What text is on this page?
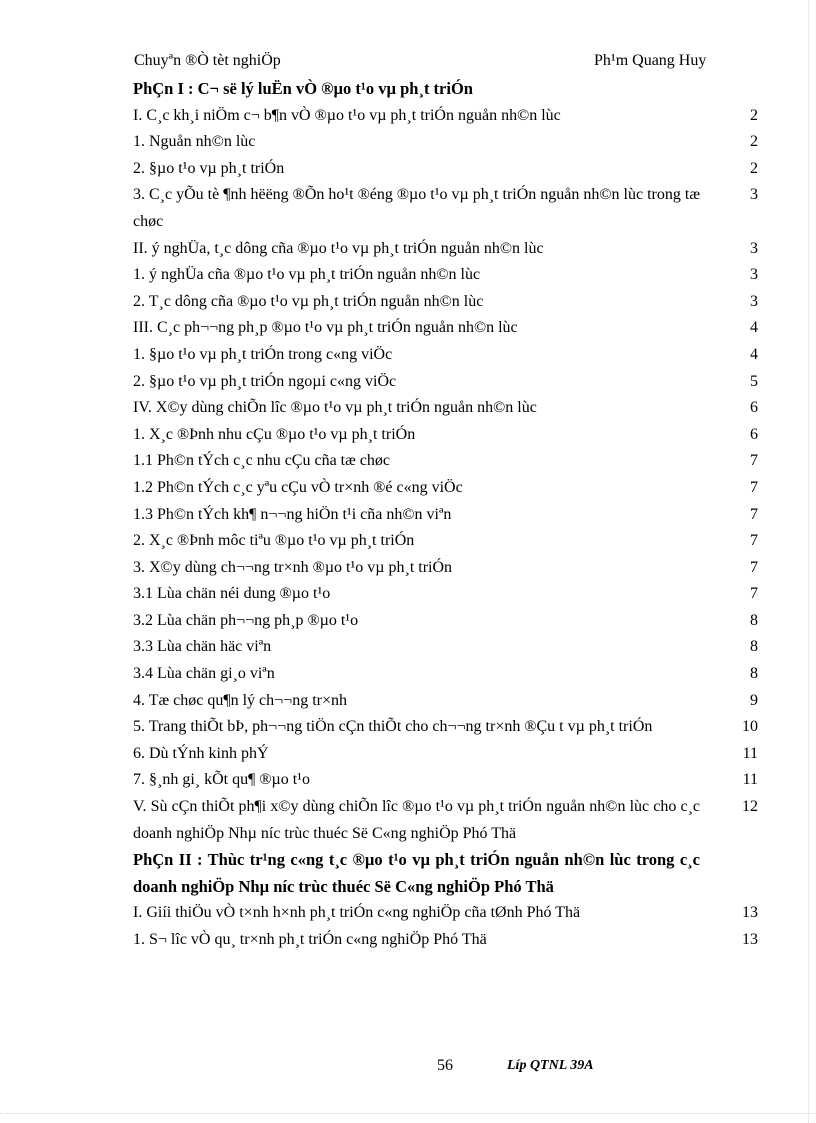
Chuyªn ®Ò tèt nghiÖp	Ph¹m Quang Huy
PhÇn I : C¬ së lý luËn vÒ ®µo t¹o vµ ph¸t triÓn
I. C¸c kh¸i niÖm c¬ b¶n vÒ ®µo t¹o vµ ph¸t triÓn nguån nh©n lùc	2
1. Nguån nh©n lùc	2
2. §µo t¹o vµ ph¸t triÓn	2
3. C¸c yÕu tè ¶nh hëëng ®Õn ho¹t ®éng ®µo t¹o vµ ph¸t triÓn nguån nh©n lùc trong tæ chøc
3
II. ý nghÜa, t¸c dông cña ®µo t¹o vµ ph¸t triÓn nguån nh©n lùc	3
1. ý nghÜa cña ®µo t¹o vµ ph¸t triÓn nguån nh©n lùc	3
2. T¸c dông cña ®µo t¹o vµ ph¸t triÓn nguån nh©n lùc	3
III. C¸c ph¬¬ng ph¸p ®µo t¹o vµ ph¸t triÓn nguån nh©n lùc	4
1. §µo t¹o vµ ph¸t triÓn trong c«ng viÖc	4
2. §µo t¹o vµ ph¸t triÓn ngoµi c«ng viÖc	5
IV. X©y dùng chiÕn lîc ®µo t¹o vµ ph¸t triÓn nguån nh©n lùc	6
1. X¸c ®Þnh nhu cÇu ®µo t¹o vµ ph¸t triÓn	6
1.1 Ph©n tÝch c¸c nhu cÇu cña tæ chøc	7
1.2 Ph©n tÝch c¸c yªu cÇu vÒ tr×nh ®é c«ng viÖc	7
1.3 Ph©n tÝch kh¶ n¬¬ng hiÖn t¹i cña nh©n viªn	7
2. X¸c ®Þnh môc tiªu ®µo t¹o vµ ph¸t triÓn	7
3. X©y dùng ch¬¬ng tr×nh ®µo t¹o vµ ph¸t triÓn	7
3.1 Lùa chän néi dung ®µo t¹o	7
3.2 Lùa chän ph¬¬ng ph¸p ®µo t¹o	8
3.3 Lùa chän häc viªn	8
3.4 Lùa chän gi¸o viªn	8
4. Tæ chøc qu¶n lý ch¬¬ng tr×nh	9
5. Trang thiÕt bÞ, ph¬¬ng tiÖn cÇn thiÕt cho ch¬¬ng tr×nh ®Çu t vµ ph¸t triÓn	10
6. Dù tÝnh kinh phÝ	11
7. §¸nh gi¸ kÕt qu¶ ®µo t¹o	11
V. Sù cÇn thiÕt ph¶i x©y dùng chiÕn lîc ®µo t¹o vµ ph¸t triÓn nguån nh©n lùc cho c¸c doanh nghiÖp Nhµ níc trùc thuéc Së C«ng nghiÖp Phó Thä
12
PhÇn II : Thùc tr¹ng c«ng t¸c ®µo t¹o vµ ph¸t triÓn nguån nh©n lùc trong c¸c doanh nghiÖp Nhµ níc trùc thuéc Së C«ng nghiÖp Phó Thä
I. Giíi thiÖu vÒ t×nh h×nh ph¸t triÓn c«ng nghiÖp cña tØnh Phó Thä	13
1. S¬ lîc vÒ qu¸ tr×nh ph¸t triÓn c«ng nghiÖp Phó Thä	13
56	Líp QTNL 39A
